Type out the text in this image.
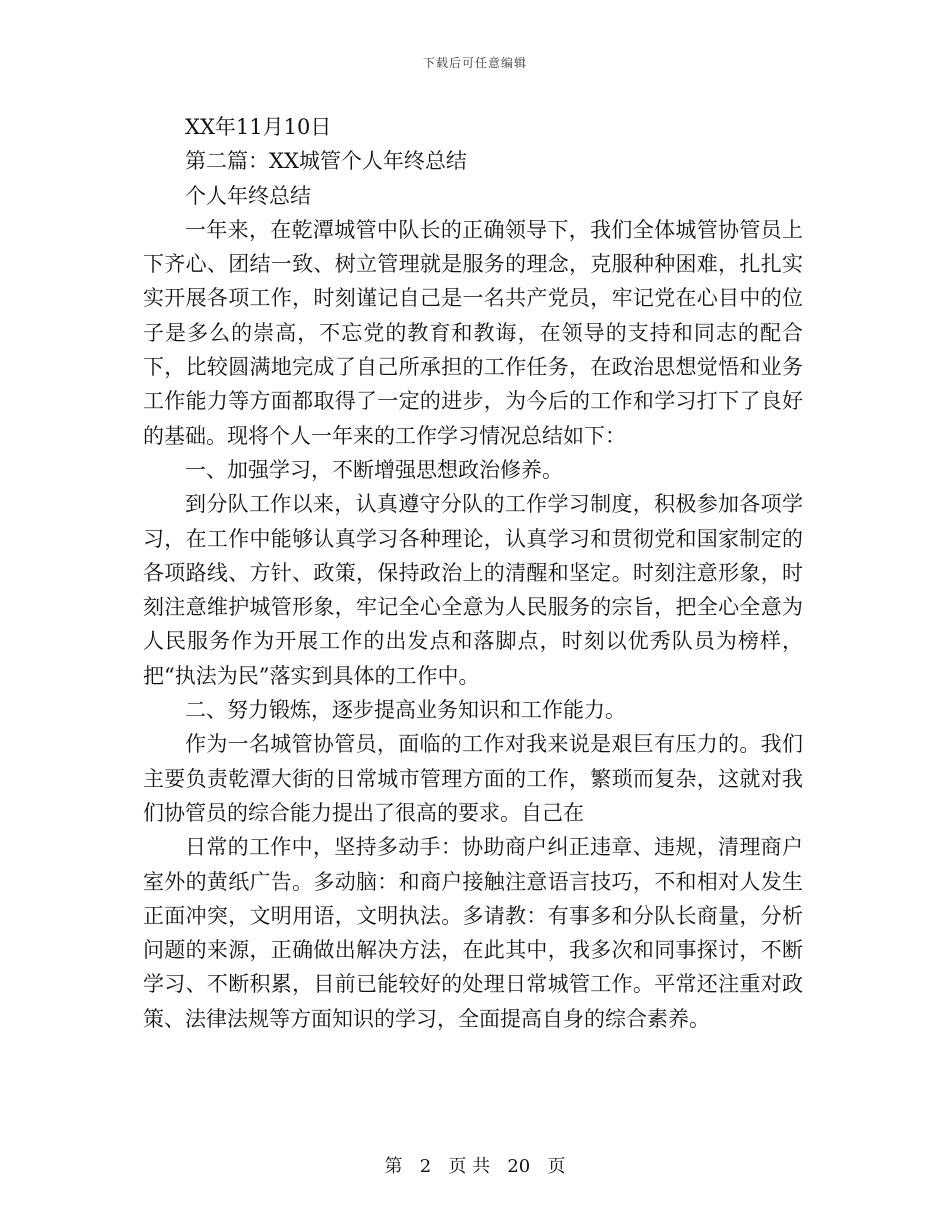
下载后可任意编辑

XX年11月10日

第二篇：XX城管个人年终总结

个人年终总结

一年来，在乾潭城管中队长的正确领导下，我们全体城管协管员上下齐心、团结一致、树立管理就是服务的理念，克服种种困难，扎扎实实开展各项工作，时刻谨记自己是一名共产党员，牢记党在心目中的位子是多么的崇高，不忘党的教育和教诲，在领导的支持和同志的配合下，比较圆满地完成了自己所承担的工作任务，在政治思想觉悟和业务工作能力等方面都取得了一定的进步，为今后的工作和学习打下了良好的基础。现将个人一年来的工作学习情况总结如下：

一、加强学习，不断增强思想政治修养。

到分队工作以来，认真遵守分队的工作学习制度，积极参加各项学习，在工作中能够认真学习各种理论，认真学习和贯彻党和国家制定的各项路线、方针、政策，保持政治上的清醒和坚定。时刻注意形象，时刻注意维护城管形象，牢记全心全意为人民服务的宗旨，把全心全意为人民服务作为开展工作的出发点和落脚点，时刻以优秀队员为榜样，把“执法为民”落实到具体的工作中。

二、努力锻炼，逐步提高业务知识和工作能力。

作为一名城管协管员，面临的工作对我来说是艰巨有压力的。我们主要负责乾潭大街的日常城市管理方面的工作，繁琐而复杂，这就对我们协管员的综合能力提出了很高的要求。自己在

日常的工作中，坚持多动手：协助商户纠正违章、违规，清理商户室外的黄纸广告。多动脑：和商户接触注意语言技巧，不和相对人发生正面冲突，文明用语，文明执法。多请教：有事多和分队长商量，分析问题的来源，正确做出解决方法，在此其中，我多次和同事探讨，不断学习、不断积累，目前已能较好的处理日常城管工作。平常还注重对政策、法律法规等方面知识的学习，全面提高自身的综合素养。

第 2 页 共 20 页
